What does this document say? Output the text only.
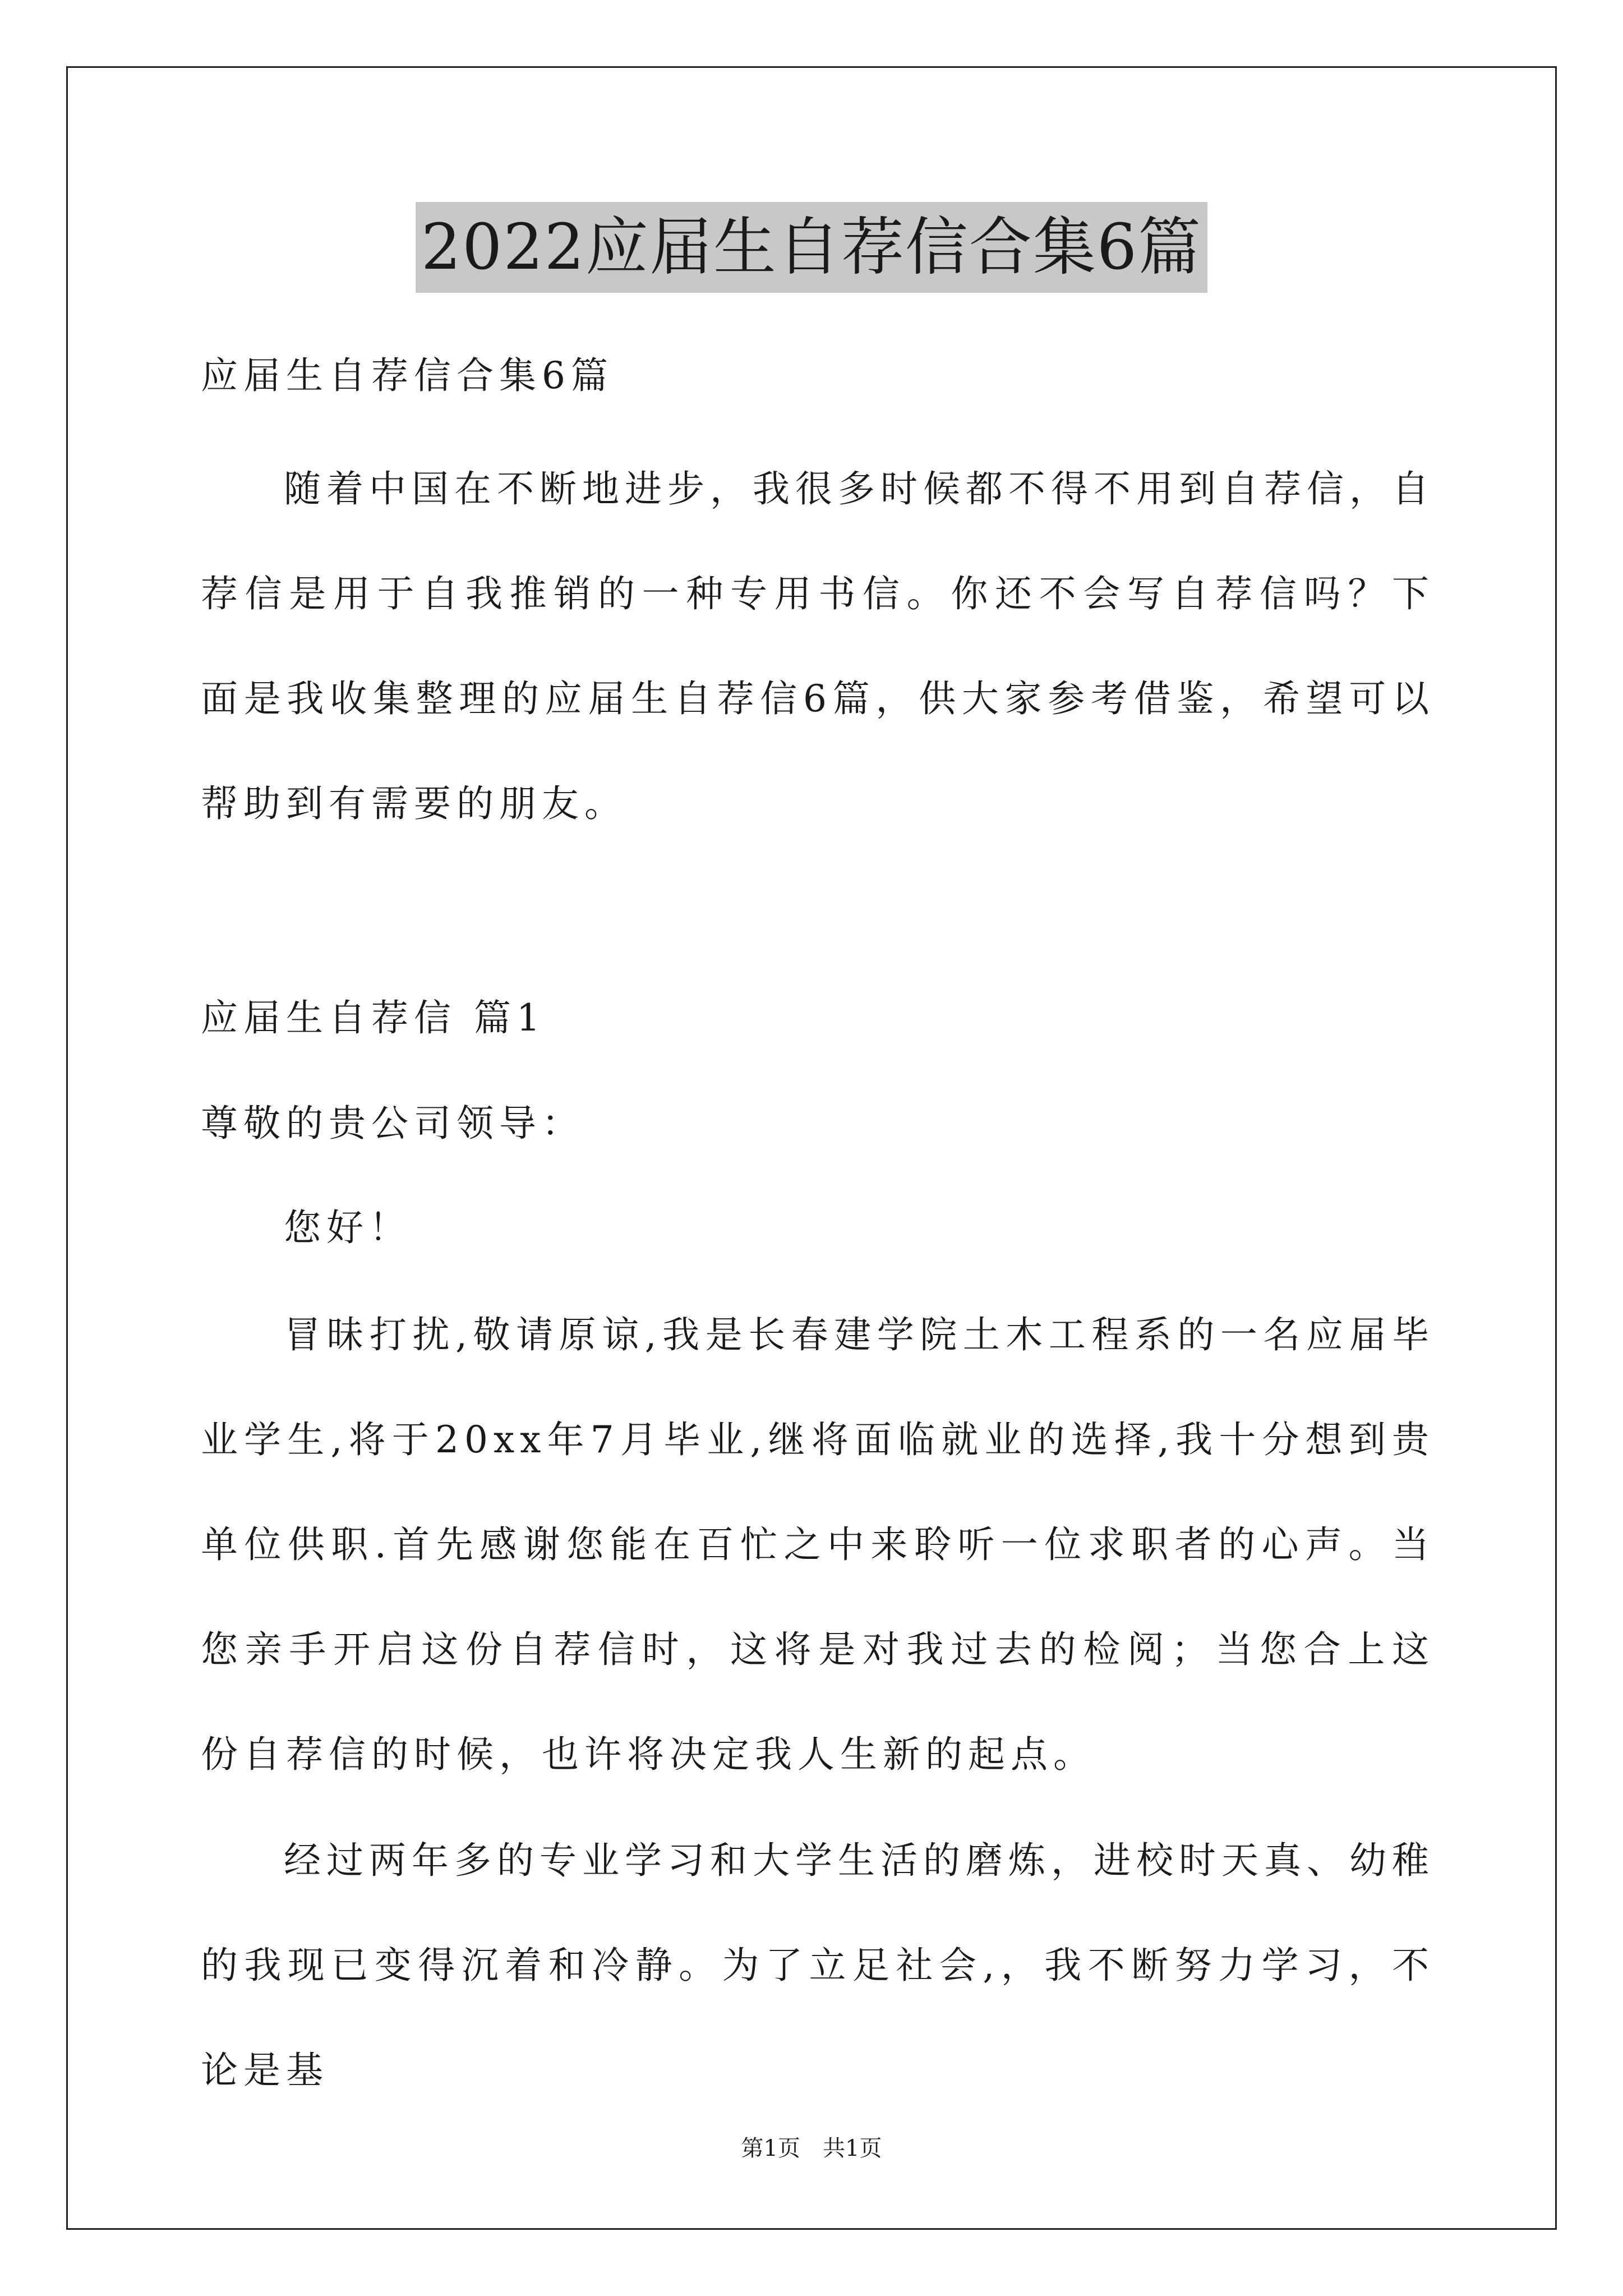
2022应届生自荐信合集6篇
应届生自荐信合集6篇
随着中国在不断地进步，我很多时候都不得不用到自荐信，自荐信是用于自我推销的一种专用书信。你还不会写自荐信吗？下面是我收集整理的应届生自荐信6篇，供大家参考借鉴，希望可以帮助到有需要的朋友。
应届生自荐信 篇1
尊敬的贵公司领导：
您好！
冒昧打扰,敬请原谅,我是长春建学院土木工程系的一名应届毕业学生,将于20xx年7月毕业,继将面临就业的选择,我十分想到贵单位供职.首先感谢您能在百忙之中来聆听一位求职者的心声。当您亲手开启这份自荐信时，这将是对我过去的检阅；当您合上这份自荐信的时候，也许将决定我人生新的起点。
经过两年多的专业学习和大学生活的磨炼，进校时天真、幼稚的我现已变得沉着和冷静。为了立足社会,，我不断努力学习，不论是基
第1页　共1页
